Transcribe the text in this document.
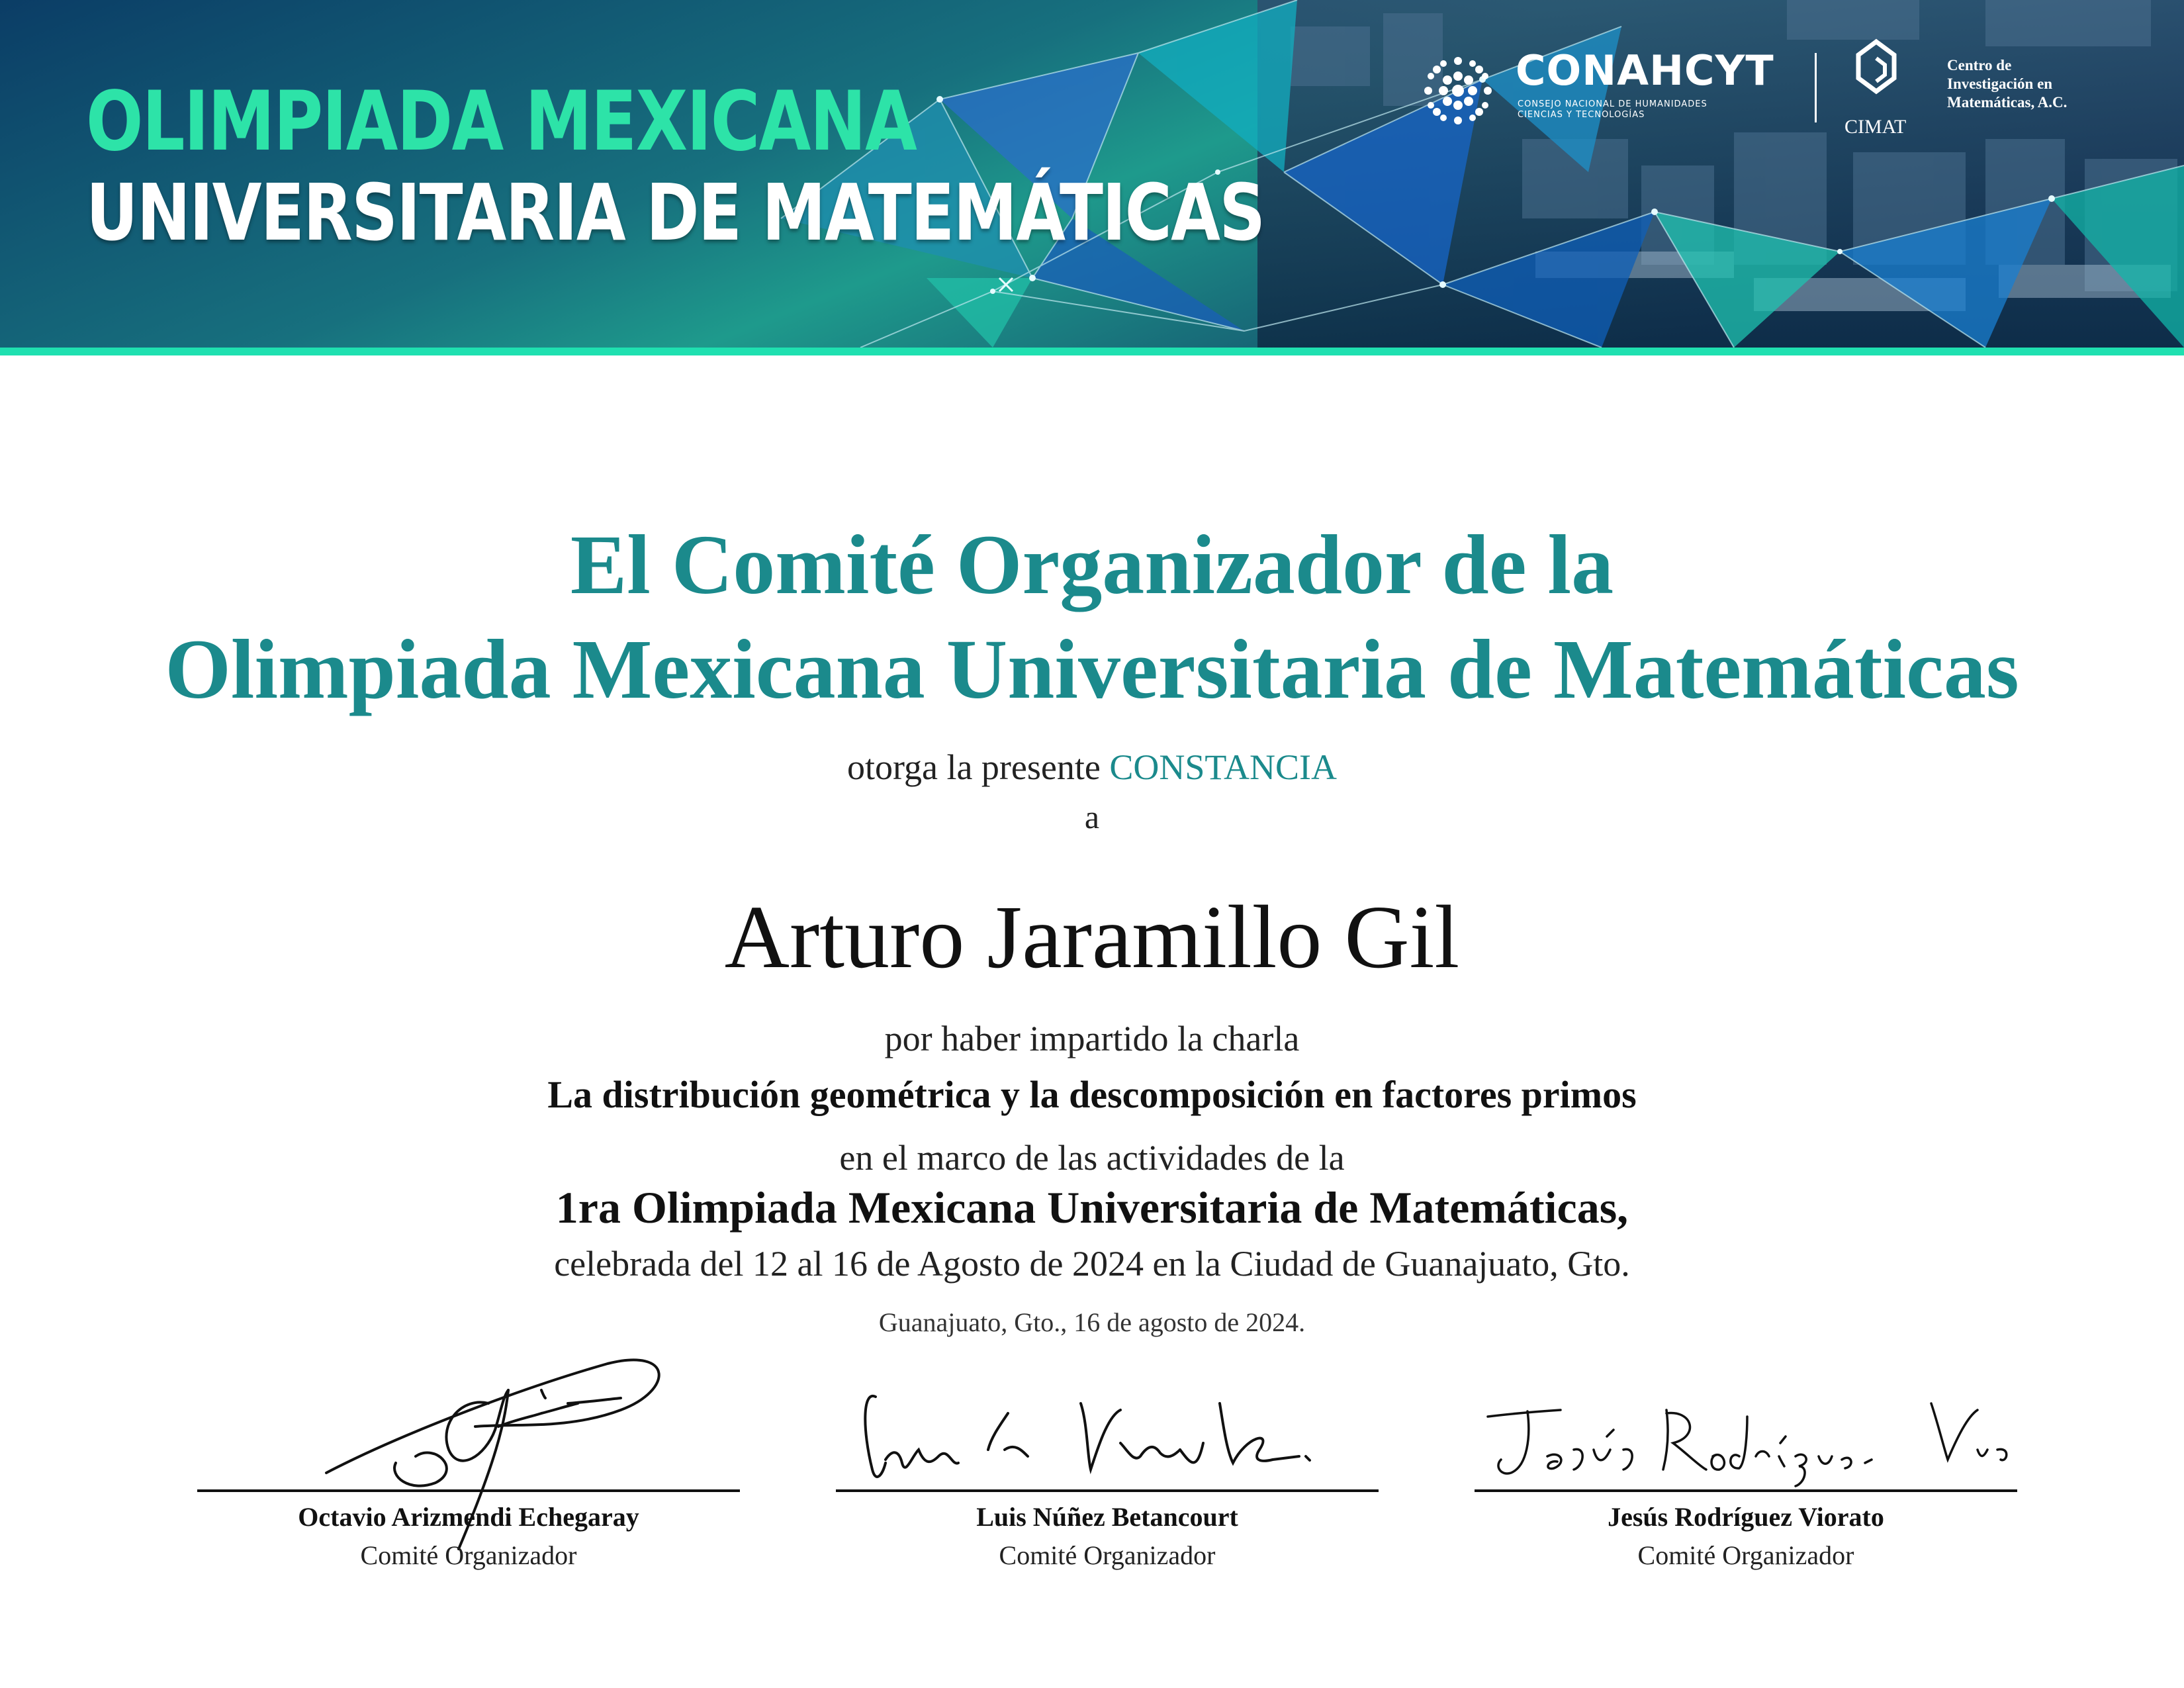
OLIMPIADA MEXICANA
UNIVERSITARIA DE MATEMÁTICAS
CONAHCYT
CONSEJO NACIONAL DE HUMANIDADES
CIENCIAS Y TECNOLOGÍAS
CIMAT
Centro de
Investigación en
Matemáticas, A.C.
El Comité Organizador de la
Olimpiada Mexicana Universitaria de Matemáticas
otorga la presente CONSTANCIA
a
Arturo Jaramillo Gil
por haber impartido la charla
La distribución geométrica y la descomposición en factores primos
en el marco de las actividades de la
1ra Olimpiada Mexicana Universitaria de Matemáticas,
celebrada del 12 al 16 de Agosto de 2024 en la Ciudad de Guanajuato, Gto.
Guanajuato, Gto., 16 de agosto de 2024.
Octavio Arizmendi Echegaray
Comité Organizador
Luis Núñez Betancourt
Comité Organizador
Jesús Rodríguez Viorato
Comité Organizador
